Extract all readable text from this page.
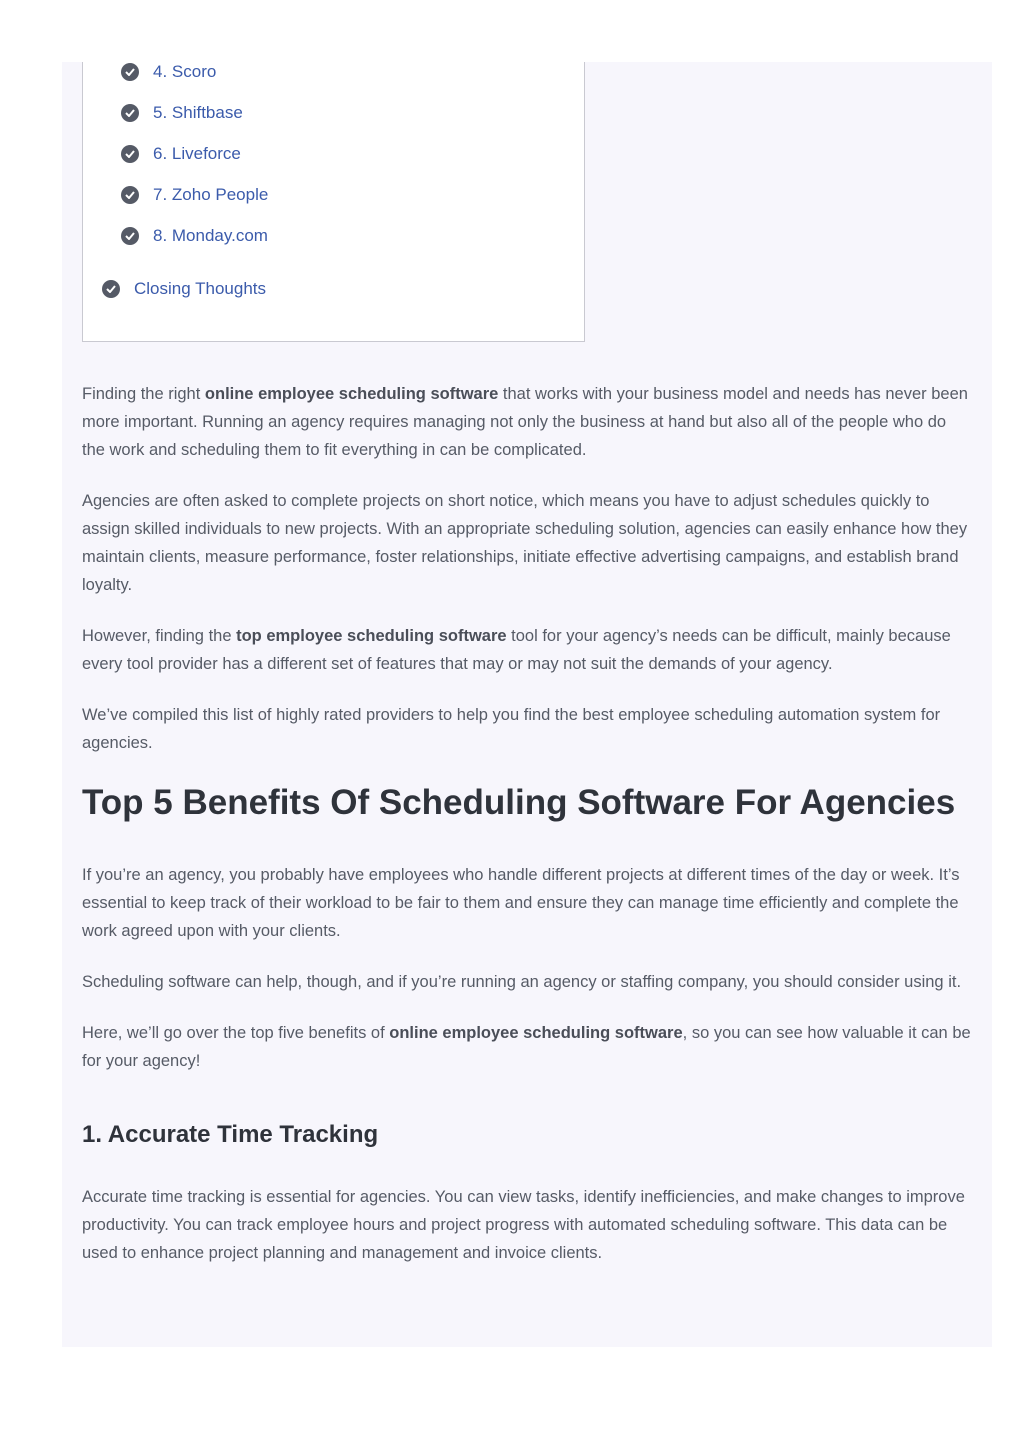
4. Scoro
5. Shiftbase
6. Liveforce
7. Zoho People
8. Monday.com
Closing Thoughts

Finding the right online employee scheduling software that works with your business model and needs has never been more important. Running an agency requires managing not only the business at hand but also all of the people who do the work and scheduling them to fit everything in can be complicated.

Agencies are often asked to complete projects on short notice, which means you have to adjust schedules quickly to assign skilled individuals to new projects. With an appropriate scheduling solution, agencies can easily enhance how they maintain clients, measure performance, foster relationships, initiate effective advertising campaigns, and establish brand loyalty.

However, finding the top employee scheduling software tool for your agency’s needs can be difficult, mainly because every tool provider has a different set of features that may or may not suit the demands of your agency.

We’ve compiled this list of highly rated providers to help you find the best employee scheduling automation system for agencies.

Top 5 Benefits Of Scheduling Software For Agencies

If you’re an agency, you probably have employees who handle different projects at different times of the day or week. It’s essential to keep track of their workload to be fair to them and ensure they can manage time efficiently and complete the work agreed upon with your clients.

Scheduling software can help, though, and if you’re running an agency or staffing company, you should consider using it.

Here, we’ll go over the top five benefits of online employee scheduling software, so you can see how valuable it can be for your agency!

1. Accurate Time Tracking

Accurate time tracking is essential for agencies. You can view tasks, identify inefficiencies, and make changes to improve productivity. You can track employee hours and project progress with automated scheduling software. This data can be used to enhance project planning and management and invoice clients.
